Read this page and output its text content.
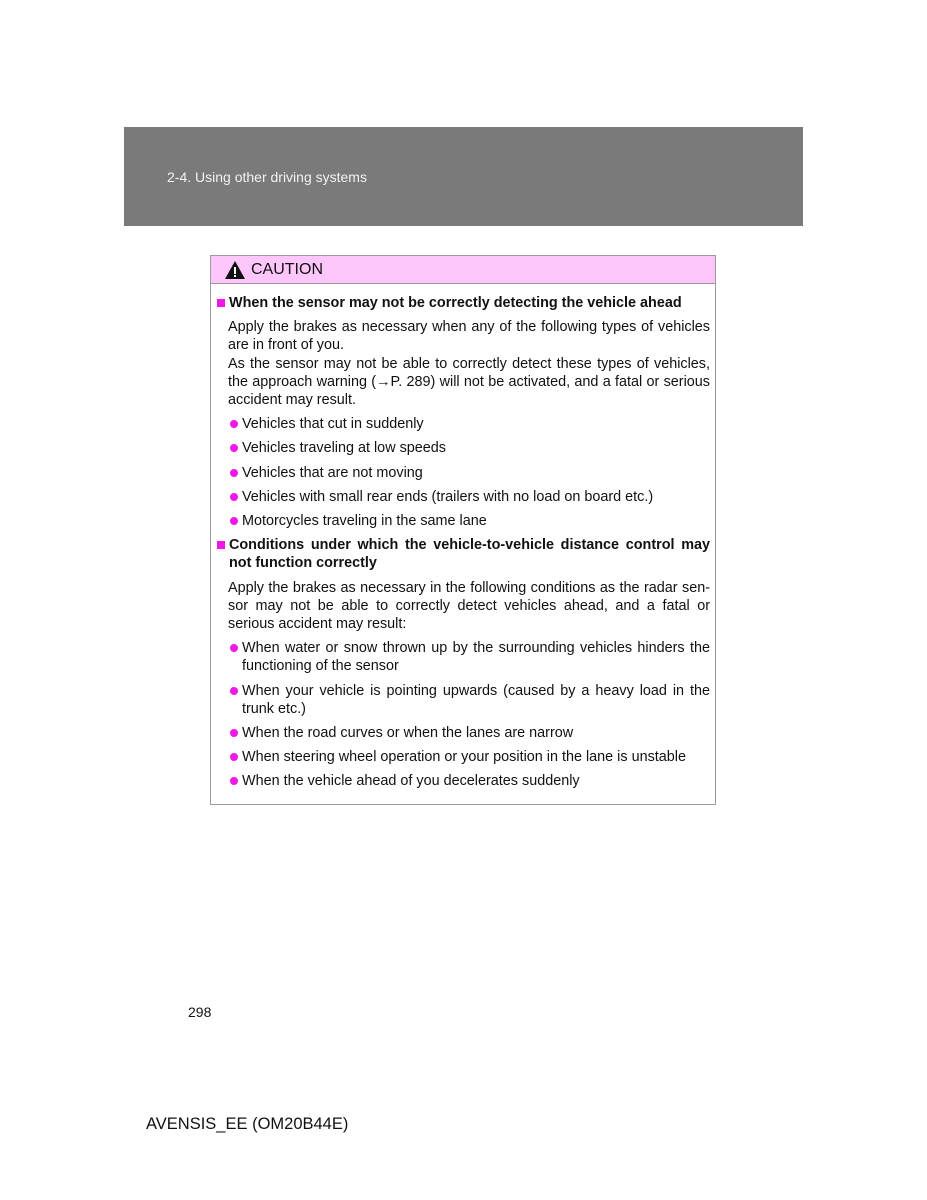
2-4. Using other driving systems
CAUTION
When the sensor may not be correctly detecting the vehicle ahead
Apply the brakes as necessary when any of the following types of vehicles are in front of you.
As the sensor may not be able to correctly detect these types of vehicles, the approach warning (→P. 289) will not be activated, and a fatal or serious accident may result.
Vehicles that cut in suddenly
Vehicles traveling at low speeds
Vehicles that are not moving
Vehicles with small rear ends (trailers with no load on board etc.)
Motorcycles traveling in the same lane
Conditions under which the vehicle-to-vehicle distance control may not function correctly
Apply the brakes as necessary in the following conditions as the radar sen-sor may not be able to correctly detect vehicles ahead, and a fatal or serious accident may result:
When water or snow thrown up by the surrounding vehicles hinders the functioning of the sensor
When your vehicle is pointing upwards (caused by a heavy load in the trunk etc.)
When the road curves or when the lanes are narrow
When steering wheel operation or your position in the lane is unstable
When the vehicle ahead of you decelerates suddenly
298
AVENSIS_EE (OM20B44E)
